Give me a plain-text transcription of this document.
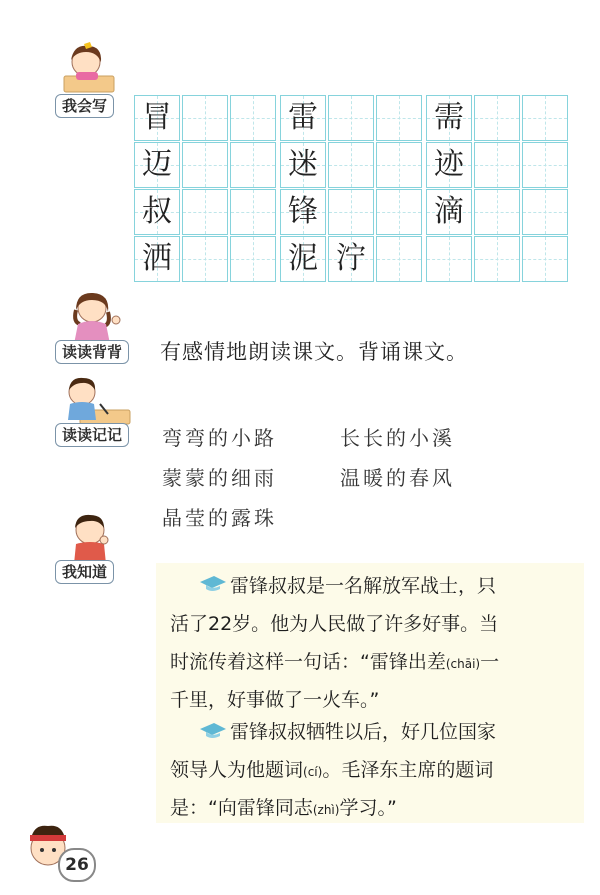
我会写 冒	雷	需
迈	迷	迹
叔	锋	滴
洒	泥 泞
读读背背	有感情地朗读课文。背诵课文。
读读记记	弯弯的小路	长长的小溪
蒙蒙的细雨	温暖的春风
晶莹的露珠
我知道
雷锋叔叔是一名解放军战士，只
活了22岁。他为人民做了许多好事。当
时流传着这样一句话：“雷锋出差(chāi)一
千里，好事做了一火车。”
雷锋叔叔牺牲以后，好几位国家
领导人为他题词(cí)。毛泽东主席的题词
是：“向雷锋同志(zhì)学习。”
26
